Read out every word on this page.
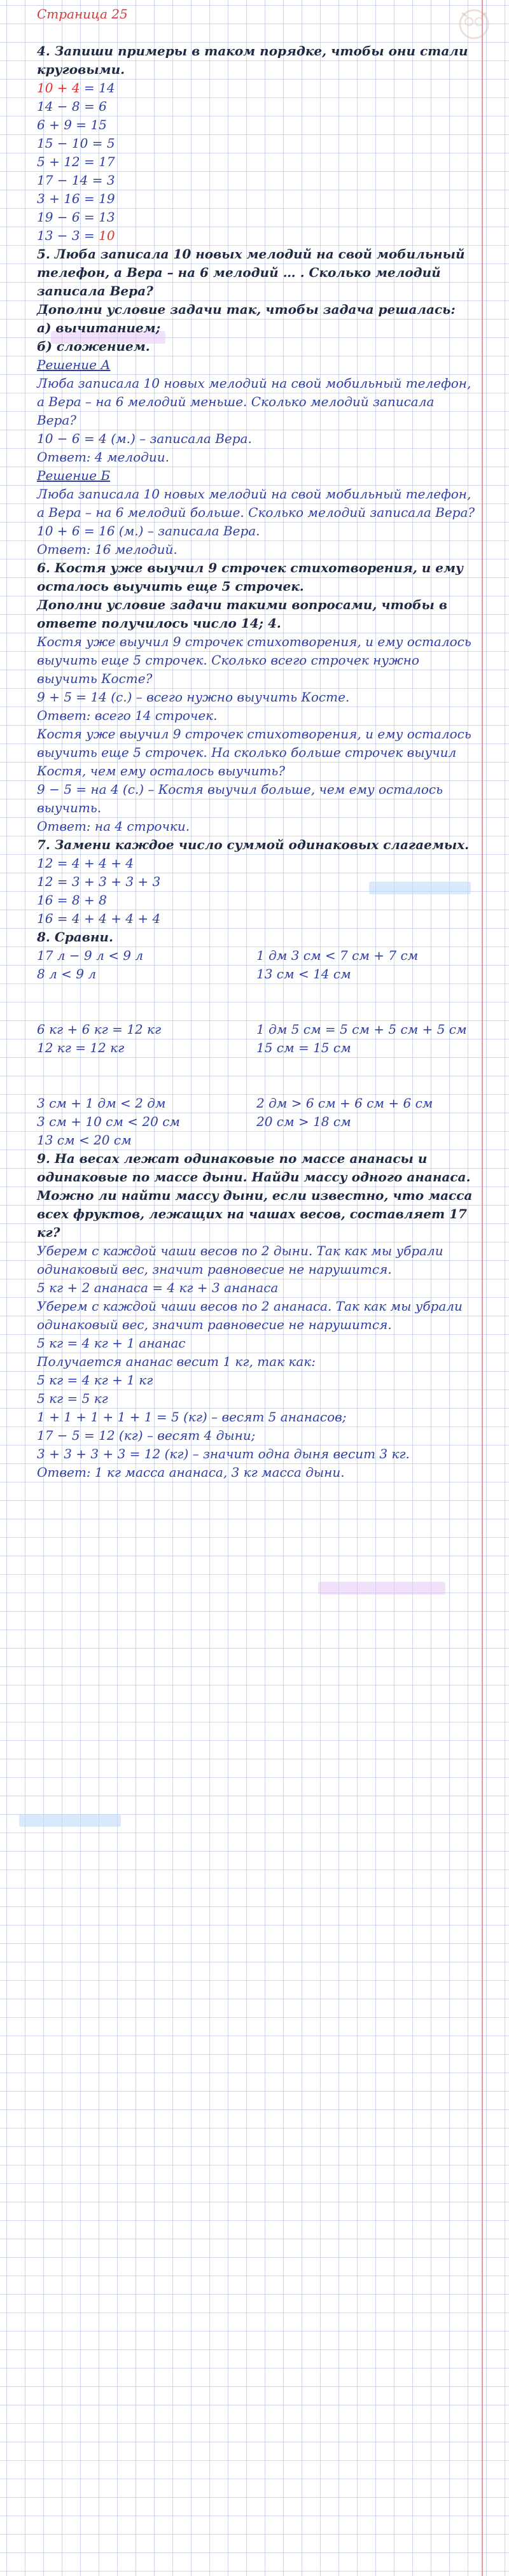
Страница 25
4. Запиши примеры в таком порядке, чтобы они стали круговыми.
10 + 4 = 14
14 − 8 = 6
6 + 9 = 15
15 − 10 = 5
5 + 12 = 17
17 − 14 = 3
3 + 16 = 19
19 − 6 = 13
13 − 3 = 10
5. Люба записала 10 новых мелодий на свой мобильный телефон, а Вера – на 6 мелодий … . Сколько мелодий записала Вера?
Дополни условие задачи так, чтобы задача решалась:
а) вычитанием;
б) сложением.
Решение А
Люба записала 10 новых мелодий на свой мобильный телефон, а Вера – на 6 мелодий меньше. Сколько мелодий записала Вера?
10 − 6 = 4 (м.) – записала Вера.
Ответ: 4 мелодии.
Решение Б
Люба записала 10 новых мелодий на свой мобильный телефон, а Вера – на 6 мелодий больше. Сколько мелодий записала Вера?
10 + 6 = 16 (м.) – записала Вера.
Ответ: 16 мелодий.
6. Костя уже выучил 9 строчек стихотворения, и ему осталось выучить еще 5 строчек.
Дополни условие задачи такими вопросами, чтобы в ответе получилось число 14; 4.
Костя уже выучил 9 строчек стихотворения, и ему осталось выучить еще 5 строчек. Сколько всего строчек нужно выучить Косте?
9 + 5 = 14 (с.) – всего нужно выучить Косте.
Ответ: всего 14 строчек.
Костя уже выучил 9 строчек стихотворения, и ему осталось выучить еще 5 строчек. На сколько больше строчек выучил Костя, чем ему осталось выучить?
9 − 5 = на 4 (с.) – Костя выучил больше, чем ему осталось выучить.
Ответ: на 4 строчки.
7. Замени каждое число суммой одинаковых слагаемых.
12 = 4 + 4 + 4
12 = 3 + 3 + 3 + 3
16 = 8 + 8
16 = 4 + 4 + 4 + 4
8. Сравни.
17 л − 9 л < 9 л	1 дм 3 см < 7 см + 7 см
8 л < 9 л	13 см < 14 см
6 кг + 6 кг = 12 кг	1 дм 5 см = 5 см + 5 см + 5 см
12 кг = 12 кг	15 см = 15 см
3 см + 1 дм < 2 дм	2 дм > 6 см + 6 см + 6 см
3 см + 10 см < 20 см	20 см > 18 см
13 см < 20 см
9. На весах лежат одинаковые по массе ананасы и одинаковые по массе дыни. Найди массу одного ананаса. Можно ли найти массу дыни, если известно, что масса всех фруктов, лежащих на чашах весов, составляет 17 кг?
Уберем с каждой чаши весов по 2 дыни. Так как мы убрали одинаковый вес, значит равновесие не нарушится.
5 кг + 2 ананаса = 4 кг + 3 ананаса
Уберем с каждой чаши весов по 2 ананаса. Так как мы убрали одинаковый вес, значит равновесие не нарушится.
5 кг = 4 кг + 1 ананас
Получается ананас весит 1 кг, так как:
5 кг = 4 кг + 1 кг
5 кг = 5 кг
1 + 1 + 1 + 1 + 1 = 5 (кг) – весят 5 ананасов;
17 − 5 = 12 (кг) – весят 4 дыни;
3 + 3 + 3 + 3 = 12 (кг) – значит одна дыня весит 3 кг.
Ответ: 1 кг масса ананаса, 3 кг масса дыни.
